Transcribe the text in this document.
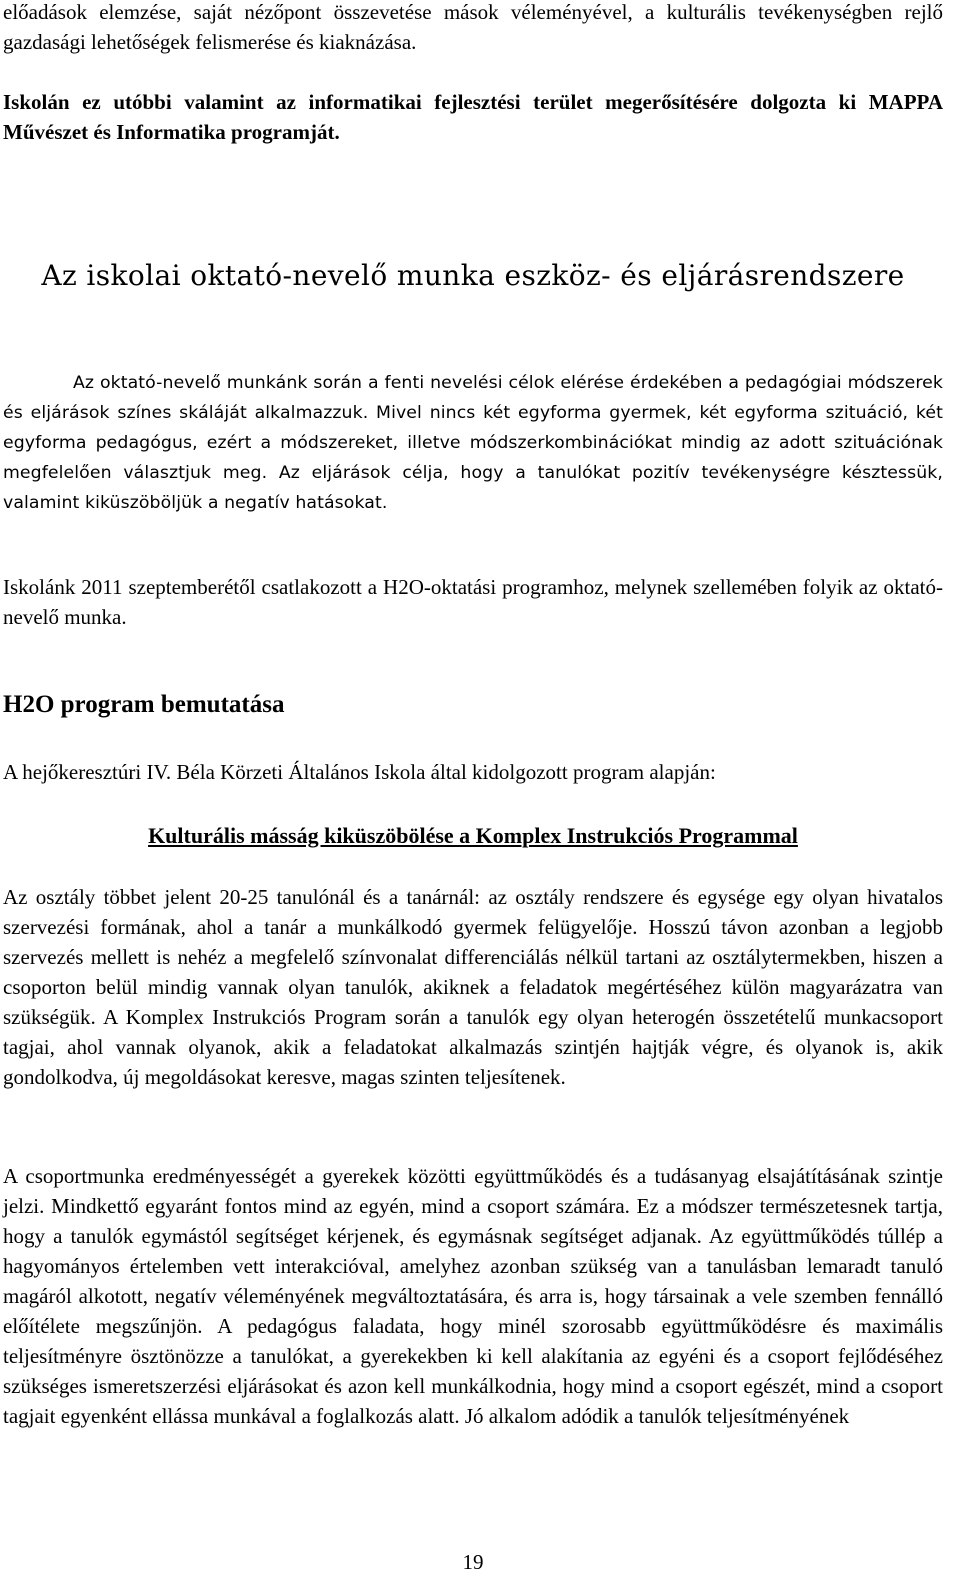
előadások elemzése, saját nézőpont összevetése mások véleményével, a kulturális tevékenységben rejlő gazdasági lehetőségek felismerése és kiaknázása.

Iskolán ez utóbbi valamint az informatikai fejlesztési terület megerősítésére dolgozta ki MAPPA Művészet és Informatika programját.

Az iskolai oktató-nevelő munka eszköz- és eljárásrendszere

Az oktató-nevelő munkánk során a fenti nevelési célok elérése érdekében a pedagógiai módszerek és eljárások színes skáláját alkalmazzuk. Mivel nincs két egyforma gyermek, két egyforma szituáció, két egyforma pedagógus, ezért a módszereket, illetve módszerkombinációkat mindig az adott szituációnak megfelelően választjuk meg. Az eljárások célja, hogy a tanulókat pozitív tevékenységre késztessük, valamint kiküszöböljük a negatív hatásokat.

Iskolánk 2011 szeptemberétől csatlakozott a H2O-oktatási programhoz, melynek szellemében folyik az oktató-nevelő munka.

H2O program bemutatása

A hejőkeresztúri IV. Béla Körzeti Általános Iskola által kidolgozott program alapján:

Kulturális másság kiküszöbölése a Komplex Instrukciós Programmal

Az osztály többet jelent 20-25 tanulónál és a tanárnál: az osztály rendszere és egysége egy olyan hivatalos szervezési formának, ahol a tanár a munkálkodó gyermek felügyelője. Hosszú távon azonban a legjobb szervezés mellett is nehéz a megfelelő színvonalat differenciálás nélkül tartani az osztálytermekben, hiszen a csoporton belül mindig vannak olyan tanulók, akiknek a feladatok megértéséhez külön magyarázatra van szükségük. A Komplex Instrukciós Program során a tanulók egy olyan heterogén összetételű munkacsoport tagjai, ahol vannak olyanok, akik a feladatokat alkalmazás szintjén hajtják végre, és olyanok is, akik gondolkodva, új megoldásokat keresve, magas szinten teljesítenek.

A csoportmunka eredményességét a gyerekek közötti együttműködés és a tudásanyag elsajátításának szintje jelzi. Mindkettő egyaránt fontos mind az egyén, mind a csoport számára. Ez a módszer természetesnek tartja, hogy a tanulók egymástól segítséget kérjenek, és egymásnak segítséget adjanak. Az együttműködés túllép a hagyományos értelemben vett interakcióval, amelyhez azonban szükség van a tanulásban lemaradt tanuló magáról alkotott, negatív véleményének megváltoztatására, és arra is, hogy társainak a vele szemben fennálló előítélete megszűnjön. A pedagógus faladata, hogy minél szorosabb együttműködésre és maximális teljesítményre ösztönözze a tanulókat, a gyerekekben ki kell alakítania az egyéni és a csoport fejlődéséhez szükséges ismeretszerzési eljárásokat és azon kell munkálkodnia, hogy mind a csoport egészét, mind a csoport tagjait egyenként ellássa munkával a foglalkozás alatt. Jó alkalom adódik a tanulók teljesítményének

19
